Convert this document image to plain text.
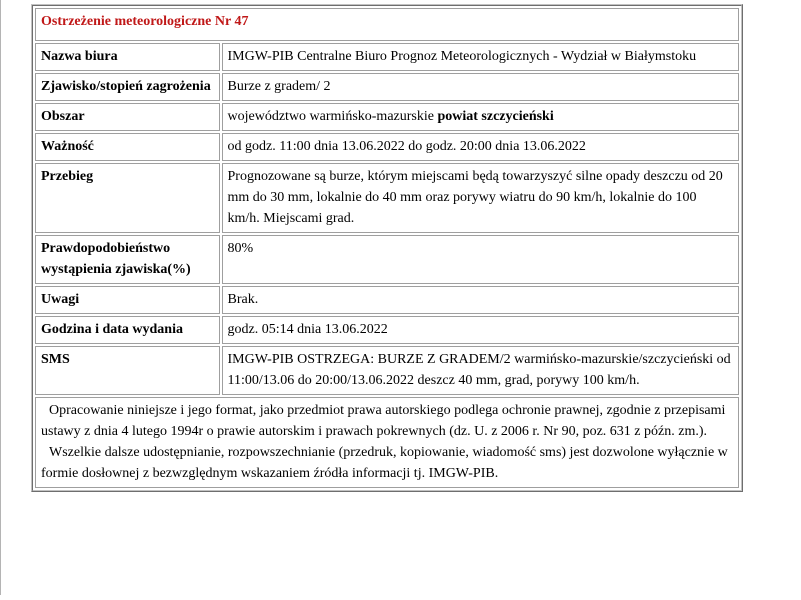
Ostrzeżenie meteorologiczne Nr 47	
Nazwa biura	IMGW-PIB Centralne Biuro Prognoz Meteorologicznych - Wydział w Białymstoku
Zjawisko/stopień zagrożenia	Burze z gradem/ 2
Obszar	województwo warmińsko-mazurskie powiat szczycieński
Ważność	od godz. 11:00 dnia 13.06.2022 do godz. 20:00 dnia 13.06.2022
Przebieg	Prognozowane są burze, którym miejscami będą towarzyszyć silne opady deszczu od 20 mm do 30 mm, lokalnie do 40 mm oraz porywy wiatru do 90 km/h, lokalnie do 100 km/h. Miejscami grad.
Prawdopodobieństwo wystąpienia zjawiska(%)	80%
Uwagi	Brak.
Godzina i data wydania	godz. 05:14 dnia 13.06.2022
SMS	IMGW-PIB OSTRZEGA: BURZE Z GRADEM/2 warmińsko-mazurskie/szczycieński od 11:00/13.06 do 20:00/13.06.2022 deszcz 40 mm, grad, porywy 100 km/h.

Opracowanie niniejsze i jego format, jako przedmiot prawa autorskiego podlega ochronie prawnej, zgodnie z przepisami ustawy z dnia 4 lutego 1994r o prawie autorskim i prawach pokrewnych (dz. U. z 2006 r. Nr 90, poz. 631 z późn. zm.).

Wszelkie dalsze udostępnianie, rozpowszechnianie (przedruk, kopiowanie, wiadomość sms) jest dozwolone wyłącznie w formie dosłownej z bezwzględnym wskazaniem źródła informacji tj. IMGW-PIB.	
